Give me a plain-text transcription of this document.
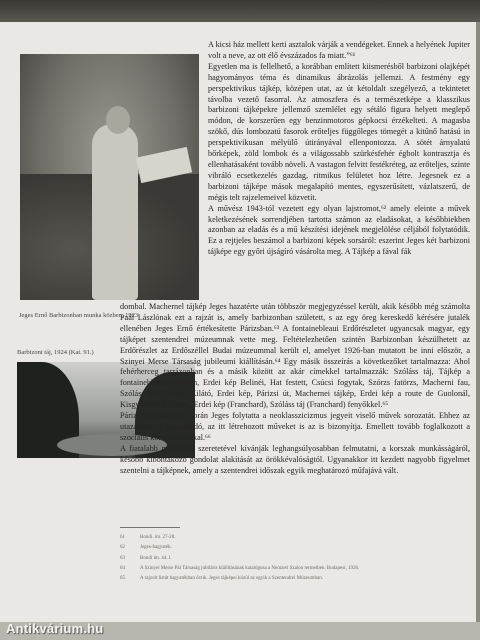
Jeges Ernő Barbizonban munka közben, 1923
Barbizoni táj, 1924 (Kat. 91.)

A kicsi ház mellett kerti asztalok várják a vendégeket. Ennek a helyének Jupiter volt a neve, az ott élő évszázados fa miatt.”⁶¹

Egyetlen ma is fellelhető, a korábban említett kiismerésből barbizoni olajképét hagyományos téma és dinamikus ábrázolás jellemzi. A festmény egy perspektivikus tájkép, középen utat, az út kétoldalt szegélyező, a tekintetet távolba vezető fasorral. Az atmoszfera és a természetképe a klasszikus barbizoni tájképekre jellemző szemlélet egy sétáló figura helyett meglepő módon, de korszerűen egy benzinmotoros gépkocsi érzékelteti. A magasba szökő, dús lombozatú fasorok erőteljes függőleges tömegét a kitűnő hatású in perspektivikusan mélyülő útirányával ellenpontozza. A sötét árnyalatú bőrképek, zöld lombok és a világossabb szürkésfehér égbolt kontrasztja és ellenhatásaként tovább növeli. A vastagon felvitt festékréteg, az erőteljes, szinte vibráló ecsetkezelés gazdag, ritmikus felületet hoz létre. Jegesnek ez a barbizoni tájképe mások megalapító mentes, egyszerűsített, vázlatszerű, de mégis telt rajzelemeivel közvetít.

A művész 1943-tól vezetett egy olyan lajstromot,⁶² amely eleinte a művek keletkezésének sorrendjében tartotta számon az eladásokat, a későbbiekben azonban az eladás és a mű készítési idejének megjelölése céljából folytatódik. Ez a rejtjeles beszámol a barbizoni képek sorsáról: eszerint Jeges két barbizoni tájképe egy győri újságíró vásárolta meg. A Tájkép a fával fák

dombal. Machernel tájkép Jeges hazatérte után többször megjegyzéssel került, akik később még számolta Paál Lászlónak ezt a rajzát is, amely barbizonban született, s az egy öreg kereskedő kérésére jutalék ellenében Jeges Ernő értékesítette Párizsban.⁶³ A fontainebleaui Erdőrészletet ugyancsak magyar, egy tájképet szentendrei múzeumnak vette meg. Feltételezhetően szintén Barbizonban készülhetett az Erdőrészlet az Erdőszéllel Budai múzeummal került el, amelyet 1926-ban mutatott be inni először, a Szinyei Merse Társaság jubileumi kiállításán.⁶⁴ Egy másik összeírás a következőket tartalmazza: Ahol fehérherceg tarrázonban és a másik között az akár címekkel tartalmazzák: Szóláss táj, Tájkép a fontainebleaui erdőben, Erdei kép Belinéi, Hat festett, Csúcsi fogytak, Szórzs fatörzs, Macherni fau, Szóláss táj, Csúcsi, Kilátó, Erdei kép, Párizsi út, Machernei tájkép, Erdei kép a route de Guolonál, Kisgyőrűnél a Fánizs, Erdei kép (Franchard), Szóláss táj (Franchard) fenyőkkel.⁶⁵

Párizsi tartózkodása során Jeges folytatta a neoklasszicizmus jegyeit viselő művek sorozatát. Ehhez az utazáshoz is kapcsolódó, az itt létrehozott műveket is az is bizonyítja. Emellett tovább foglalkozott a szociális kompozíciókkal.⁶⁶

A fiatalabb művészek szeretetével kívánják leghangsúlyosabban felmutatni, a korszak munkásságáról, később kibontakozó gondolat alakítását az örökkévalóságtól. Ugyanakkor itt kezdett nagyobb figyelmet szentelni a tájképnek, amely a szentendrei időszak egyik meghatározó műfajává vált.

61	Bondi. im. 27-28.
62	Jeges-hagyaték.
63	Bondi im. 44. l.
64	A Szinyei Merse Pál Társaság jubiláris kiállításának katalógusa a Nemzeti Szalon termeiben. Budapest, 1926.
65	A rajzolt listát hagyatékban őrzik. Jeges tájképei közül az egyik a Szentendrei Múzeumban.
Antikvárium.hu
